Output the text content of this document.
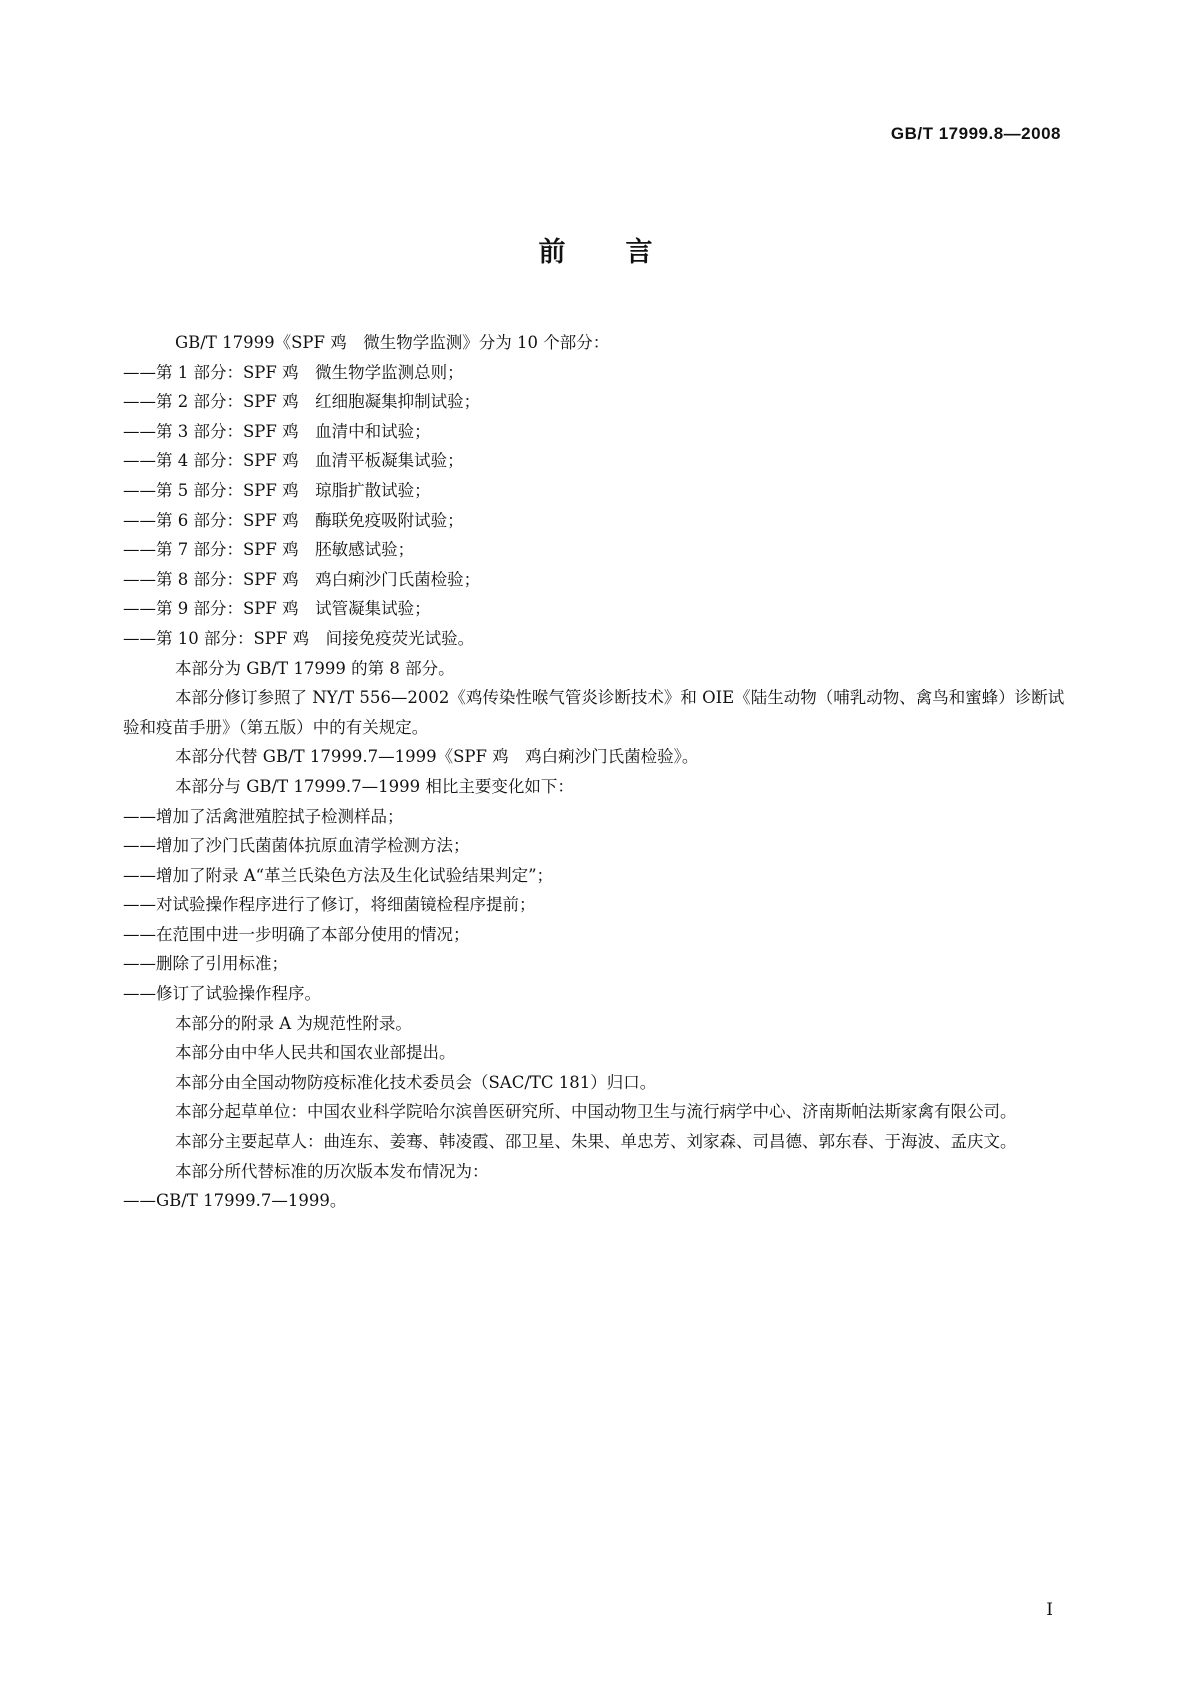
GB/T 17999.8—2008
前言

GB/T 17999《SPF 鸡　微生物学监测》分为 10 个部分：

——第 1 部分：SPF 鸡　微生物学监测总则；

——第 2 部分：SPF 鸡　红细胞凝集抑制试验；

——第 3 部分：SPF 鸡　血清中和试验；

——第 4 部分：SPF 鸡　血清平板凝集试验；

——第 5 部分：SPF 鸡　琼脂扩散试验；

——第 6 部分：SPF 鸡　酶联免疫吸附试验；

——第 7 部分：SPF 鸡　胚敏感试验；

——第 8 部分：SPF 鸡　鸡白痢沙门氏菌检验；

——第 9 部分：SPF 鸡　试管凝集试验；

——第 10 部分：SPF 鸡　间接免疫荧光试验。

本部分为 GB/T 17999 的第 8 部分。

本部分修订参照了 NY/T 556—2002《鸡传染性喉气管炎诊断技术》和 OIE《陆生动物（哺乳动物、禽鸟和蜜蜂）诊断试验和疫苗手册》（第五版）中的有关规定。

本部分代替 GB/T 17999.7—1999《SPF 鸡　鸡白痢沙门氏菌检验》。

本部分与 GB/T 17999.7—1999 相比主要变化如下：

——增加了活禽泄殖腔拭子检测样品；

——增加了沙门氏菌菌体抗原血清学检测方法；

——增加了附录 A“革兰氏染色方法及生化试验结果判定”；

——对试验操作程序进行了修订，将细菌镜检程序提前；

——在范围中进一步明确了本部分使用的情况；

——删除了引用标准；

——修订了试验操作程序。

本部分的附录 A 为规范性附录。

本部分由中华人民共和国农业部提出。

本部分由全国动物防疫标准化技术委员会（SAC/TC 181）归口。

本部分起草单位：中国农业科学院哈尔滨兽医研究所、中国动物卫生与流行病学中心、济南斯帕法斯家禽有限公司。

本部分主要起草人：曲连东、姜骞、韩凌霞、邵卫星、朱果、单忠芳、刘家森、司昌德、郭东春、于海波、孟庆文。

本部分所代替标准的历次版本发布情况为：

——GB/T 17999.7—1999。

I
